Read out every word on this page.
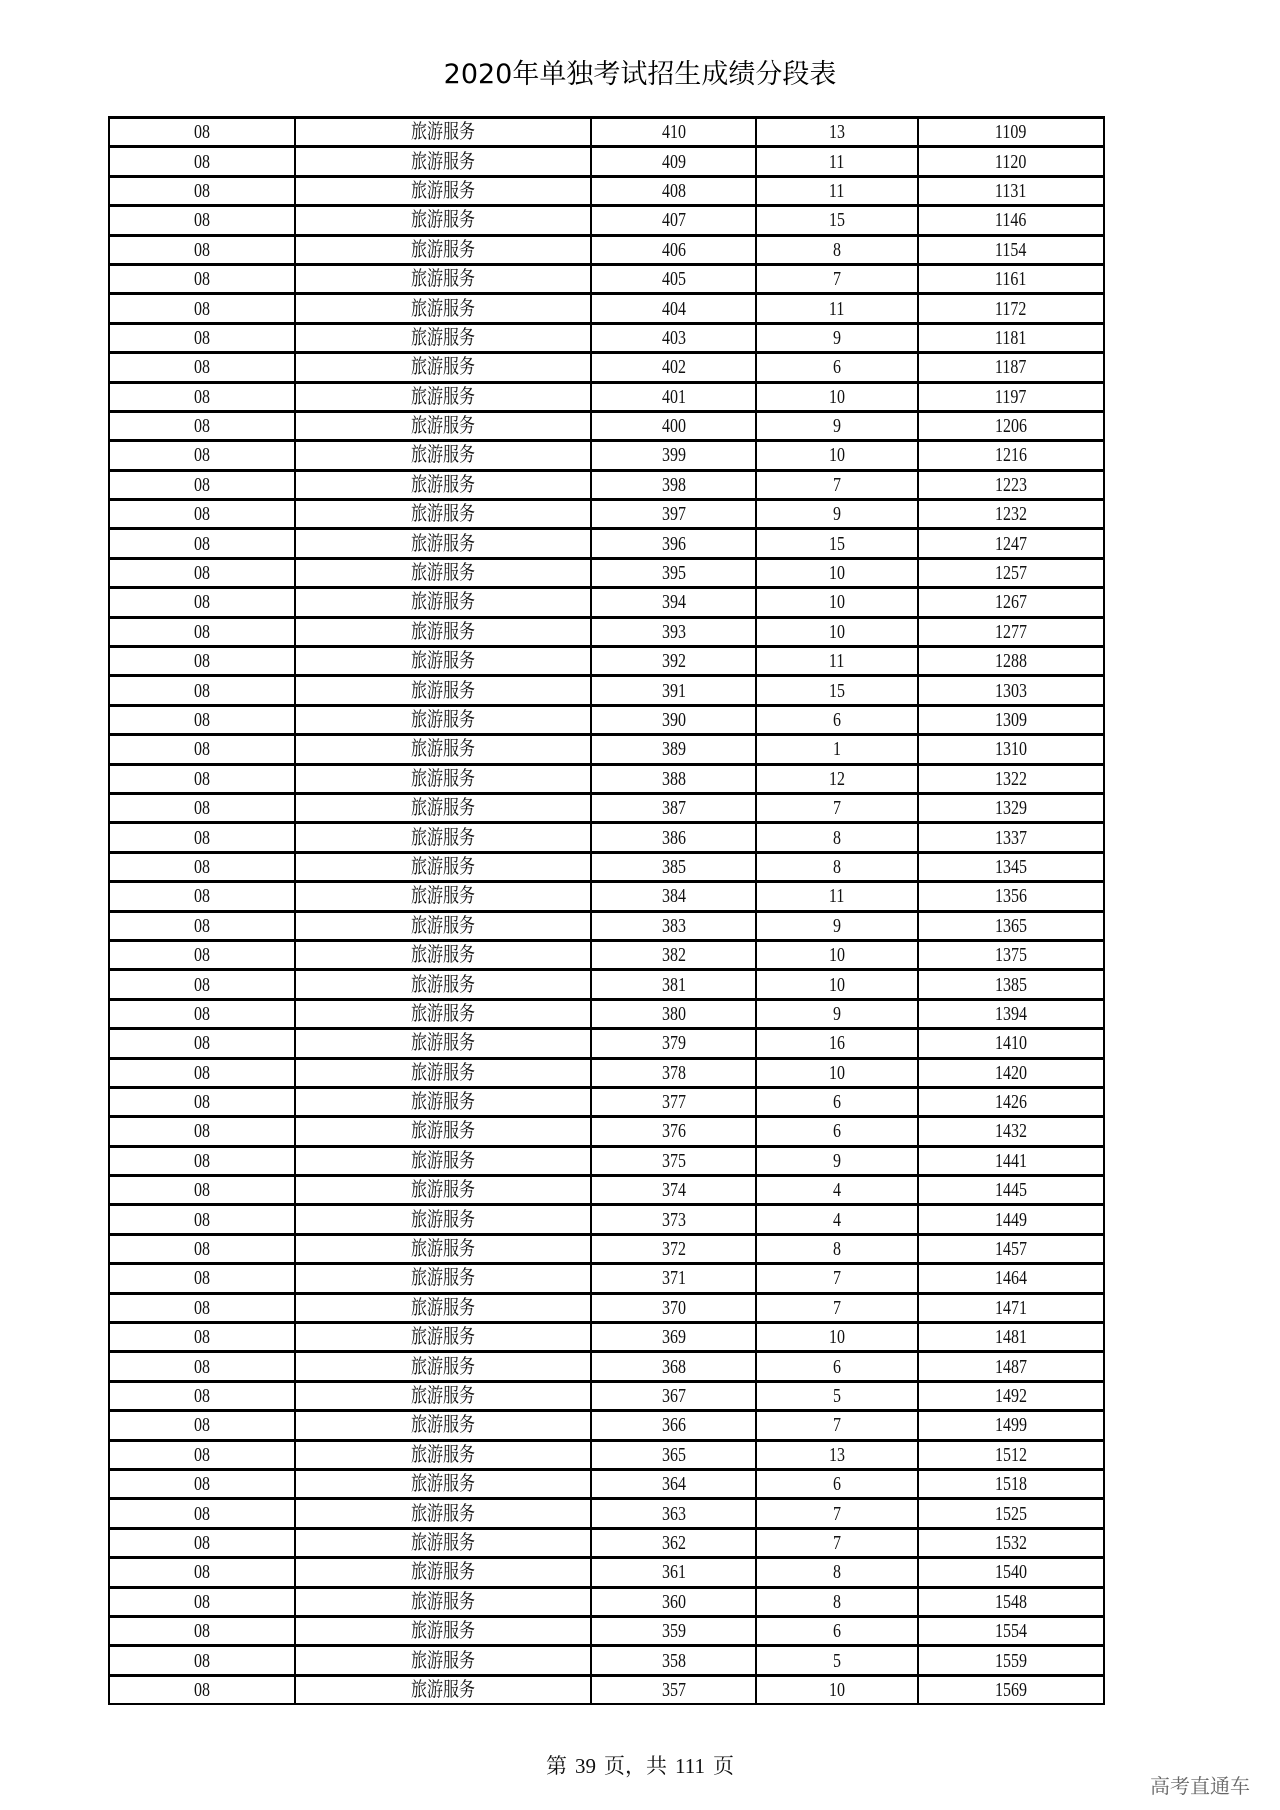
2020年单独考试招生成绩分段表
08	旅游服务	410	13	1109
08	旅游服务	409	11	1120
08	旅游服务	408	11	1131
08	旅游服务	407	15	1146
08	旅游服务	406	8	1154
08	旅游服务	405	7	1161
08	旅游服务	404	11	1172
08	旅游服务	403	9	1181
08	旅游服务	402	6	1187
08	旅游服务	401	10	1197
08	旅游服务	400	9	1206
08	旅游服务	399	10	1216
08	旅游服务	398	7	1223
08	旅游服务	397	9	1232
08	旅游服务	396	15	1247
08	旅游服务	395	10	1257
08	旅游服务	394	10	1267
08	旅游服务	393	10	1277
08	旅游服务	392	11	1288
08	旅游服务	391	15	1303
08	旅游服务	390	6	1309
08	旅游服务	389	1	1310
08	旅游服务	388	12	1322
08	旅游服务	387	7	1329
08	旅游服务	386	8	1337
08	旅游服务	385	8	1345
08	旅游服务	384	11	1356
08	旅游服务	383	9	1365
08	旅游服务	382	10	1375
08	旅游服务	381	10	1385
08	旅游服务	380	9	1394
08	旅游服务	379	16	1410
08	旅游服务	378	10	1420
08	旅游服务	377	6	1426
08	旅游服务	376	6	1432
08	旅游服务	375	9	1441
08	旅游服务	374	4	1445
08	旅游服务	373	4	1449
08	旅游服务	372	8	1457
08	旅游服务	371	7	1464
08	旅游服务	370	7	1471
08	旅游服务	369	10	1481
08	旅游服务	368	6	1487
08	旅游服务	367	5	1492
08	旅游服务	366	7	1499
08	旅游服务	365	13	1512
08	旅游服务	364	6	1518
08	旅游服务	363	7	1525
08	旅游服务	362	7	1532
08	旅游服务	361	8	1540
08	旅游服务	360	8	1548
08	旅游服务	359	6	1554
08	旅游服务	358	5	1559
08	旅游服务	357	10	1569
第 39 页，共 111 页
高考直通车
